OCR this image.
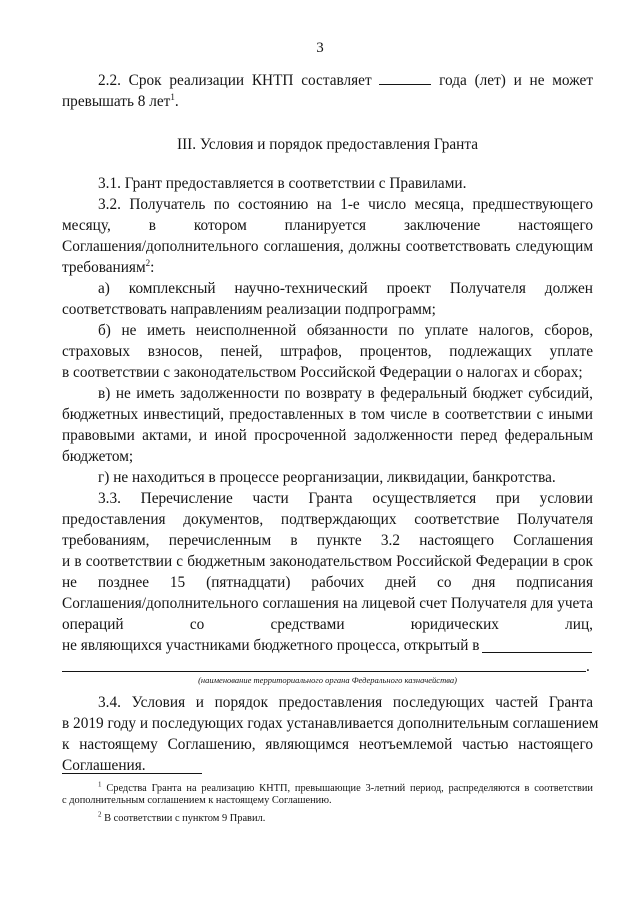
3
2.2. Срок реализации КНТП составляет	года (лет) и не может
превышать 8 лет$^1$.
III. Условия и порядок предоставления Гранта
3.1. Грант предоставляется в соответствии с Правилами.
3.2. Получатель по состоянию на 1-е число месяца, предшествующего
месяцу, в котором планируется заключение настоящего
Соглашения/дополнительного соглашения, должны соответствовать следующим
требованиям$^2$:
а) комплексный научно-технический проект Получателя должен
соответствовать направлениям реализации подпрограмм;
б) не иметь неисполненной обязанности по уплате налогов, сборов,
страховых взносов, пеней, штрафов, процентов, подлежащих уплате
в соответствии с законодательством Российской Федерации о налогах и сборах;
в) не иметь задолженности по возврату в федеральный бюджет субсидий,
бюджетных инвестиций, предоставленных в том числе в соответствии с иными
правовыми актами, и иной просроченной задолженности перед федеральным
бюджетом;
г) не находиться в процессе реорганизации, ликвидации, банкротства.
3.3. Перечисление части Гранта осуществляется при условии
предоставления документов, подтверждающих соответствие Получателя
требованиям, перечисленным в пункте 3.2 настоящего Соглашения
и в соответствии с бюджетным законодательством Российской Федерации в срок
не позднее 15 (пятнадцати) рабочих дней со дня подписания
Соглашения/дополнительного соглашения на лицевой счет Получателя для учета
операций со средствами юридических лиц,
не являющихся участниками бюджетного процесса, открытый в
.
(наименование территориального органа Федерального казначейства)
3.4. Условия и порядок предоставления последующих частей Гранта
в 2019 году и последующих годах устанавливается дополнительным соглашением
к настоящему Соглашению, являющимся неотъемлемой частью настоящего
Соглашения.
$^1$ Средства Гранта на реализацию КНТП, превышающие 3-летний период, распределяются в соответствии
с дополнительным соглашением к настоящему Соглашению.
$^2$ В соответствии с пунктом 9 Правил.
